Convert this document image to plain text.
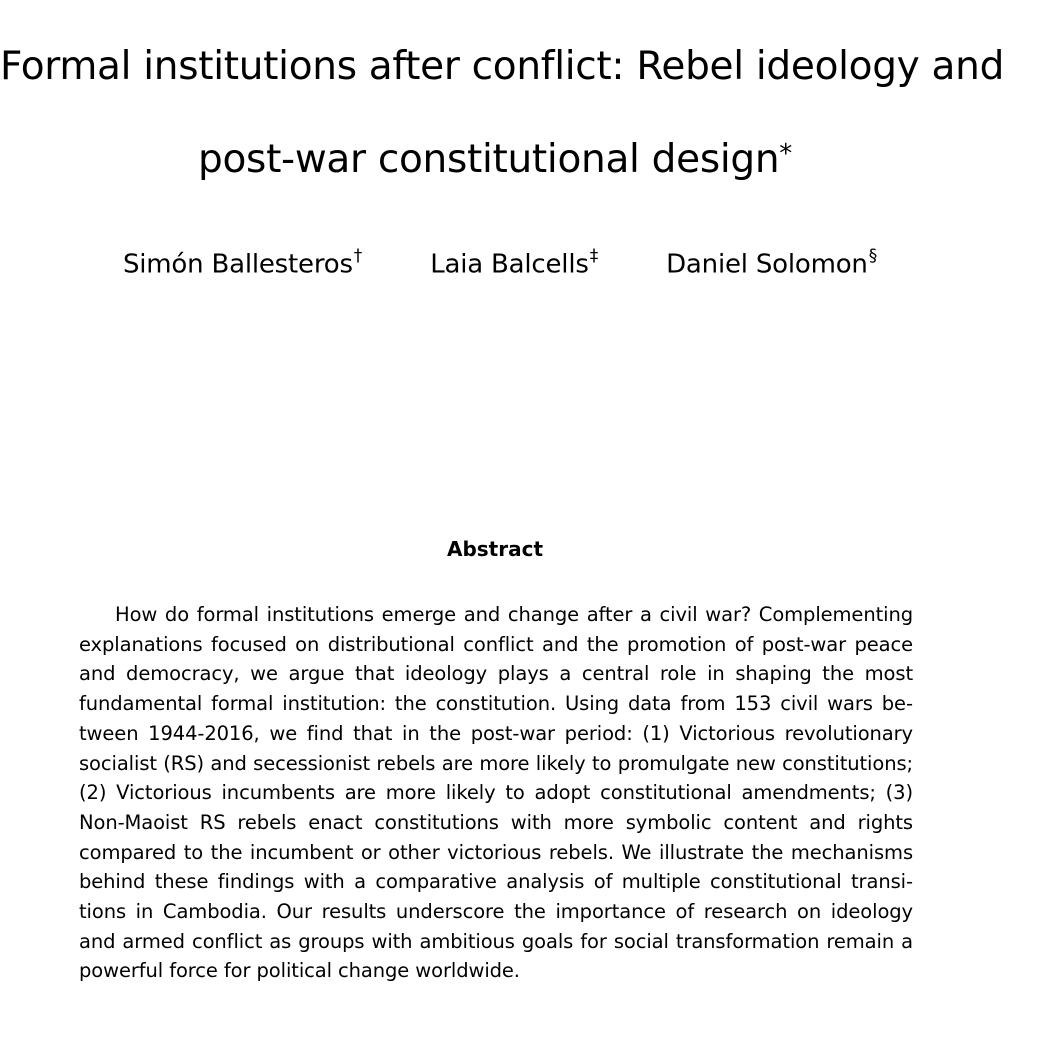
Formal institutions after conflict: Rebel ideology and
post-war constitutional design*
Simón Ballesteros†	Laia Balcells‡	Daniel Solomon§
Abstract
How do formal institutions emerge and change after a civil war? Complementing explanations focused on distributional conflict and the promotion of post-war peace and democracy, we argue that ideology plays a central role in shaping the most fundamental formal institution: the constitution. Using data from 153 civil wars between 1944-2016, we find that in the post-war period: (1) Victorious revolutionary socialist (RS) and secessionist rebels are more likely to promulgate new constitutions; (2) Victorious incumbents are more likely to adopt constitutional amendments; (3) Non-Maoist RS rebels enact constitutions with more symbolic content and rights compared to the incumbent or other victorious rebels. We illustrate the mechanisms behind these findings with a comparative analysis of multiple constitutional transitions in Cambodia. Our results underscore the importance of research on ideology and armed conflict as groups with ambitious goals for social transformation remain a powerful force for political change worldwide.
